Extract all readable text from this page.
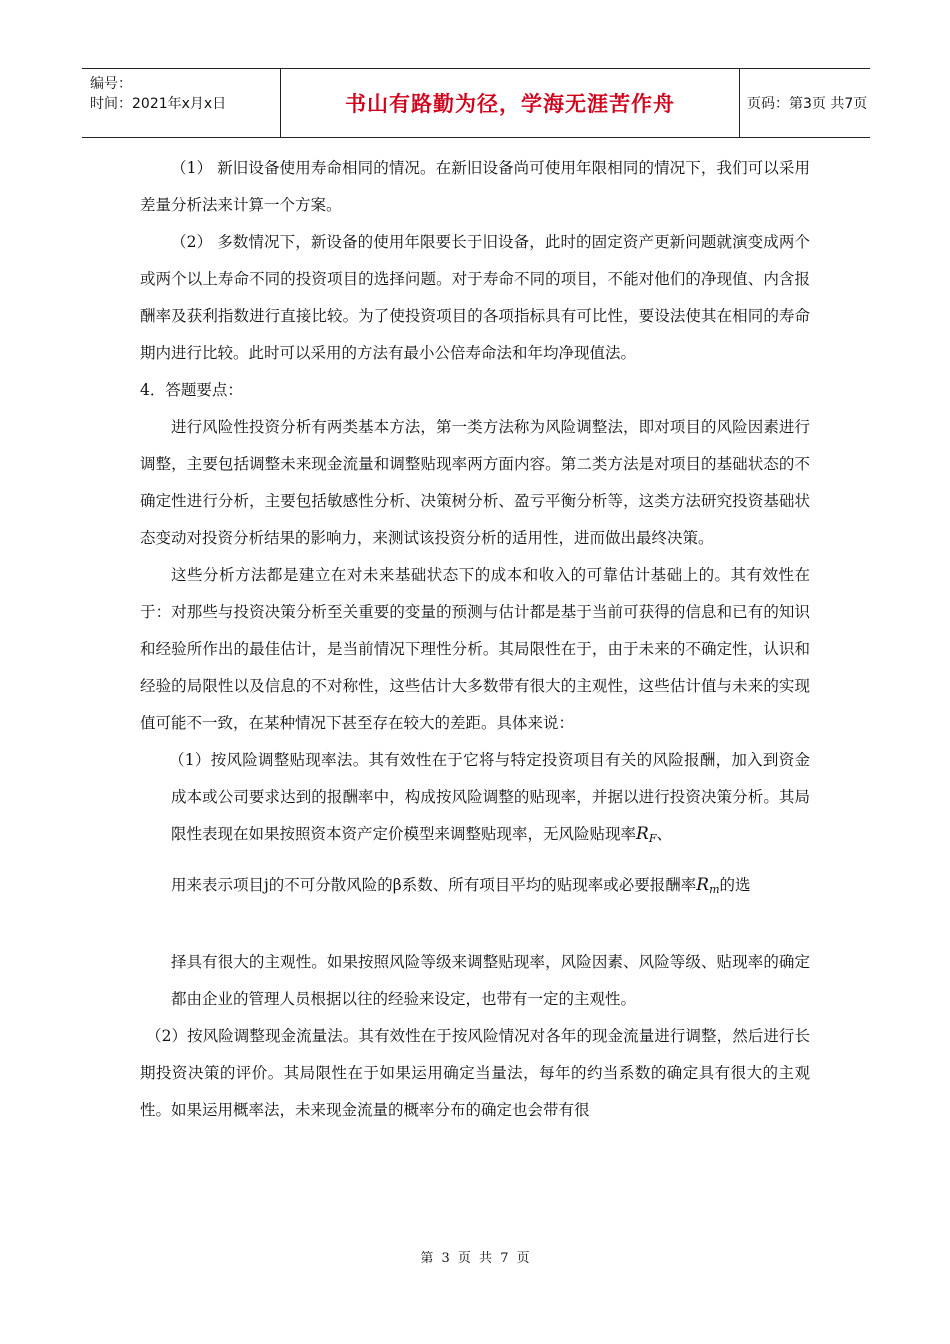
编号：
时间：2021年x月x日	书山有路勤为径，学海无涯苦作舟	页码：第3页 共7页

（1） 新旧设备使用寿命相同的情况。在新旧设备尚可使用年限相同的情况下，我们可以采用差量分析法来计算一个方案。

（2） 多数情况下，新设备的使用年限要长于旧设备，此时的固定资产更新问题就演变成两个或两个以上寿命不同的投资项目的选择问题。对于寿命不同的项目，不能对他们的净现值、内含报酬率及获利指数进行直接比较。为了使投资项目的各项指标具有可比性，要设法使其在相同的寿命期内进行比较。此时可以采用的方法有最小公倍寿命法和年均净现值法。

4．答题要点：

进行风险性投资分析有两类基本方法，第一类方法称为风险调整法，即对项目的风险因素进行调整，主要包括调整未来现金流量和调整贴现率两方面内容。第二类方法是对项目的基础状态的不确定性进行分析，主要包括敏感性分析、决策树分析、盈亏平衡分析等，这类方法研究投资基础状态变动对投资分析结果的影响力，来测试该投资分析的适用性，进而做出最终决策。

这些分析方法都是建立在对未来基础状态下的成本和收入的可靠估计基础上的。其有效性在于：对那些与投资决策分析至关重要的变量的预测与估计都是基于当前可获得的信息和已有的知识和经验所作出的最佳估计，是当前情况下理性分析。其局限性在于，由于未来的不确定性，认识和经验的局限性以及信息的不对称性，这些估计大多数带有很大的主观性，这些估计值与未来的实现值可能不一致，在某种情况下甚至存在较大的差距。具体来说：

（1）按风险调整贴现率法。其有效性在于它将与特定投资项目有关的风险报酬，加入到资金成本或公司要求达到的报酬率中，构成按风险调整的贴现率，并据以进行投资决策分析。其局限性表现在如果按照资本资产定价模型来调整贴现率，无风险贴现率$R_F$、
用来表示项目j的不可分散风险的β系数、所有项目平均的贴现率或必要报酬率$R_m$的选
择具有很大的主观性。如果按照风险等级来调整贴现率，风险因素、风险等级、贴现率的确定都由企业的管理人员根据以往的经验来设定，也带有一定的主观性。

（2）按风险调整现金流量法。其有效性在于按风险情况对各年的现金流量进行调整，然后进行长期投资决策的评价。其局限性在于如果运用确定当量法，每年的约当系数的确定具有很大的主观性。如果运用概率法，未来现金流量的概率分布的确定也会带有很

第 3 页 共 7 页
